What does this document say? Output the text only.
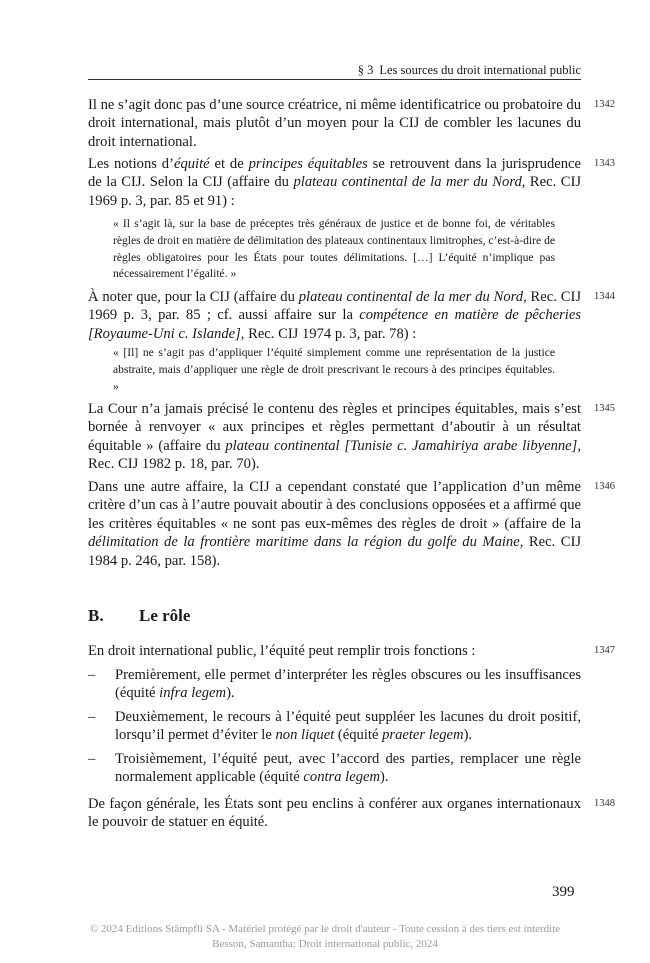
§ 3 Les sources du droit international public
Il ne s’agit donc pas d’une source créatrice, ni même identificatrice ou probatoire du droit international, mais plutôt d’un moyen pour la CIJ de combler les lacunes du droit international.
1342
Les notions d’équité et de principes équitables se retrouvent dans la jurisprudence de la CIJ. Selon la CIJ (affaire du plateau continental de la mer du Nord, Rec. CIJ 1969 p. 3, par. 85 et 91) :
1343
« Il s’agit là, sur la base de préceptes très généraux de justice et de bonne foi, de véritables règles de droit en matière de délimitation des plateaux continentaux limitrophes, c’est-à-dire de règles obligatoires pour les États pour toutes délimitations. […] L’équité n’implique pas nécessairement l’égalité. »
À noter que, pour la CIJ (affaire du plateau continental de la mer du Nord, Rec. CIJ 1969 p. 3, par. 85 ; cf. aussi affaire sur la compétence en matière de pêcheries [Royaume-Uni c. Islande], Rec. CIJ 1974 p. 3, par. 78) :
1344
« [Il] ne s’agit pas d’appliquer l’équité simplement comme une représentation de la justice abstraite, mais d’appliquer une règle de droit prescrivant le recours à des principes équitables. »
La Cour n’a jamais précisé le contenu des règles et principes équitables, mais s’est bornée à renvoyer « aux principes et règles permettant d’aboutir à un résultat équitable » (affaire du plateau continental [Tunisie c. Jamahiriya arabe libyenne], Rec. CIJ 1982 p. 18, par. 70).
1345
Dans une autre affaire, la CIJ a cependant constaté que l’application d’un même critère d’un cas à l’autre pouvait aboutir à des conclusions opposées et a affirmé que les critères équitables « ne sont pas eux-mêmes des règles de droit » (affaire de la délimitation de la frontière maritime dans la région du golfe du Maine, Rec. CIJ 1984 p. 246, par. 158).
1346
B. Le rôle
En droit international public, l’équité peut remplir trois fonctions :	1347
– Premièrement, elle permet d’interpréter les règles obscures ou les insuffisances (équité infra legem).
– Deuxièmement, le recours à l’équité peut suppléer les lacunes du droit positif, lorsqu’il permet d’éviter le non liquet (équité praeter legem).
– Troisièmement, l’équité peut, avec l’accord des parties, remplacer une règle normalement applicable (équité contra legem).
De façon générale, les États sont peu enclins à conférer aux organes internationaux le pouvoir de statuer en équité.
1348
399
© 2024 Editions Stämpfli SA - Matériel protégé par le droit d'auteur - Toute cession à des tiers est interdite
Besson, Samantha: Droit international public, 2024
